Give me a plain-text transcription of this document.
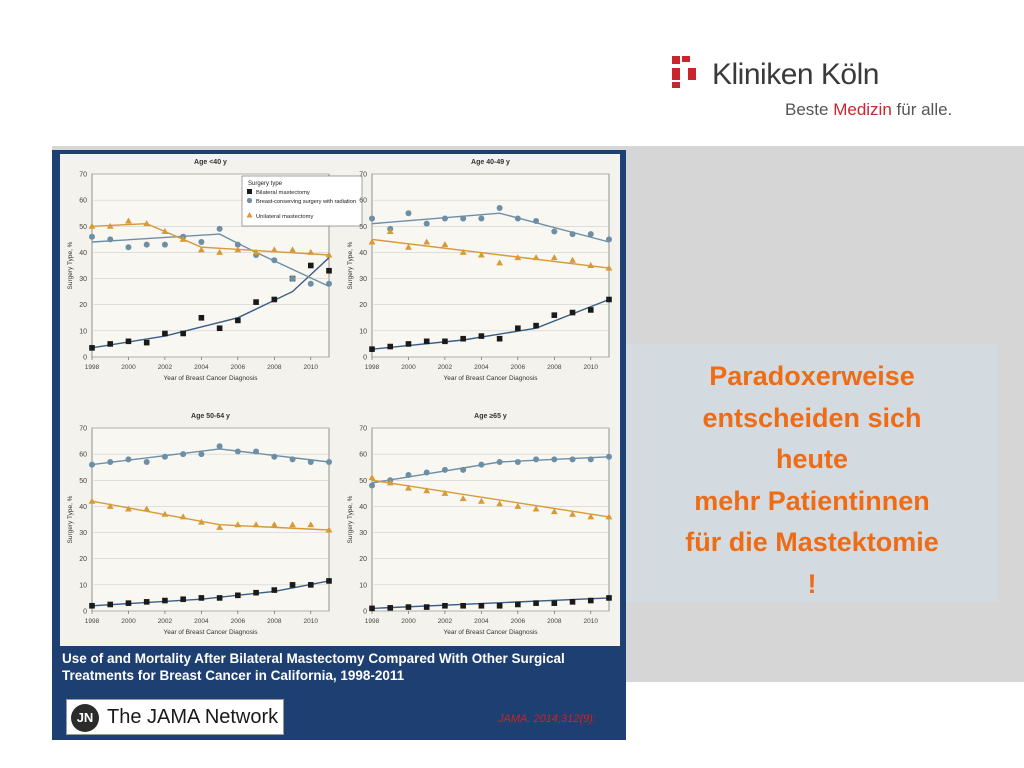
Kliniken Köln
Beste Medizin für alle.
Age <40 y
0
10
20
30
40
50
60
70
1998	2000	2002	2004	2006	2008	2010
Year of Breast Cancer Diagnosis
Surgery Type, %
Surgery type
Bilateral mastectomy
Breast-conserving surgery with radiation
Unilateral mastectomy
Age 40-49 y
0
10
20
30
40
50
60
70
1998	2000	2002	2004	2006	2008	2010
Year of Breast Cancer Diagnosis
Surgery Type, %
Age 50-64 y
0
10
20
30
40
50
60
70
1998	2000	2002	2004	2006	2008	2010
Year of Breast Cancer Diagnosis
Surgery Type, %
Age ≥65 y
0
10
20
30
40
50
60
70
1998	2000	2002	2004	2006	2008	2010
Year of Breast Cancer Diagnosis
Surgery Type, %
Use of and Mortality After Bilateral Mastectomy Compared With Other Surgical Treatments for Breast Cancer in California, 1998-2011
JN The JAMA Network	JAMA. 2014;312(9):
Paradoxerweise
entscheiden sich
heute
mehr Patientinnen
für die Mastektomie
!
